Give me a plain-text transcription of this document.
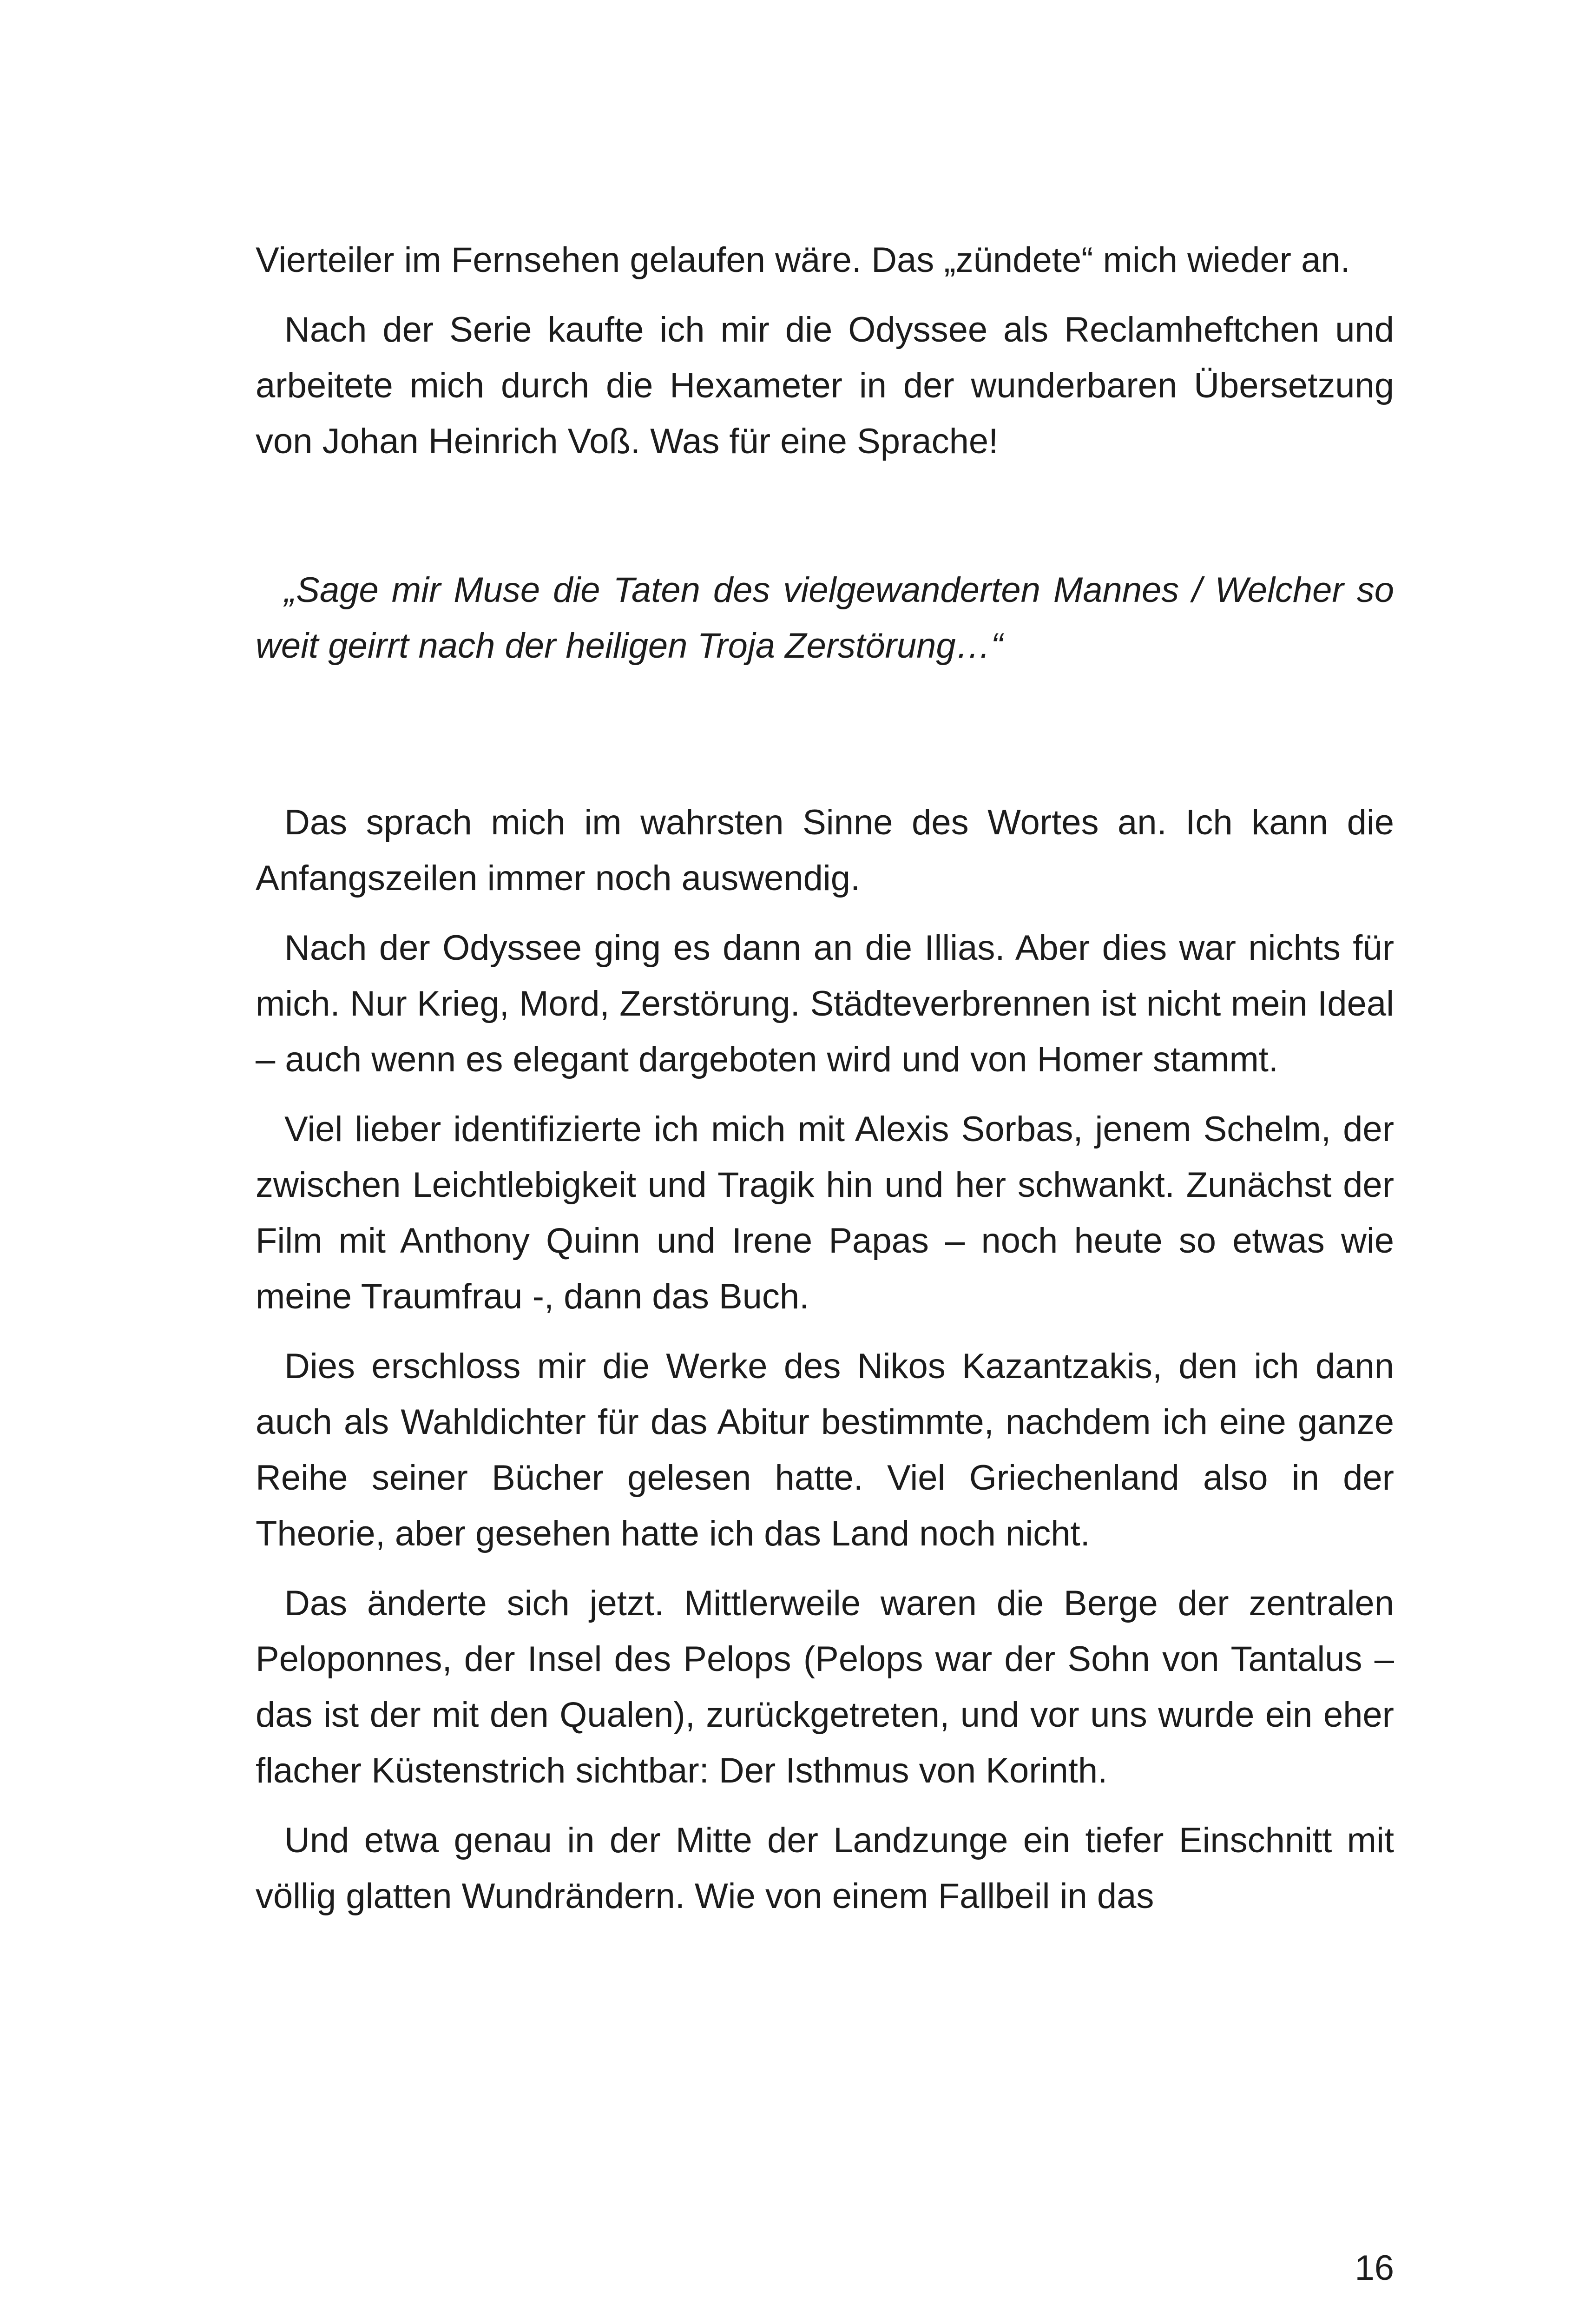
Vierteiler im Fernsehen gelaufen wäre. Das „zündete“ mich wieder an.

Nach der Serie kaufte ich mir die Odyssee als Reclamheftchen und arbeitete mich durch die Hexameter in der wunderbaren Übersetzung von Johan Heinrich Voß. Was für eine Sprache!

„Sage mir Muse die Taten des vielgewanderten Mannes / Welcher so weit geirrt nach der heiligen Troja Zerstörung…“

Das sprach mich im wahrsten Sinne des Wortes an. Ich kann die Anfangszeilen immer noch auswendig.

Nach der Odyssee ging es dann an die Illias. Aber dies war nichts für mich. Nur Krieg, Mord, Zerstörung. Städteverbrennen ist nicht mein Ideal – auch wenn es elegant dargeboten wird und von Homer stammt.

Viel lieber identifizierte ich mich mit Alexis Sorbas, jenem Schelm, der zwischen Leichtlebigkeit und Tragik hin und her schwankt. Zunächst der Film mit Anthony Quinn und Irene Papas – noch heute so etwas wie meine Traumfrau -, dann das Buch.

Dies erschloss mir die Werke des Nikos Kazantzakis, den ich dann auch als Wahldichter für das Abitur bestimmte, nachdem ich eine ganze Reihe seiner Bücher gelesen hatte. Viel Griechenland also in der Theorie, aber gesehen hatte ich das Land noch nicht.

Das änderte sich jetzt. Mittlerweile waren die Berge der zentralen Peloponnes, der Insel des Pelops (Pelops war der Sohn von Tantalus – das ist der mit den Qualen), zurückgetreten, und vor uns wurde ein eher flacher Küstenstrich sichtbar: Der Isthmus von Korinth.

Und etwa genau in der Mitte der Landzunge ein tiefer Einschnitt mit völlig glatten Wundrändern. Wie von einem Fallbeil in das

16
